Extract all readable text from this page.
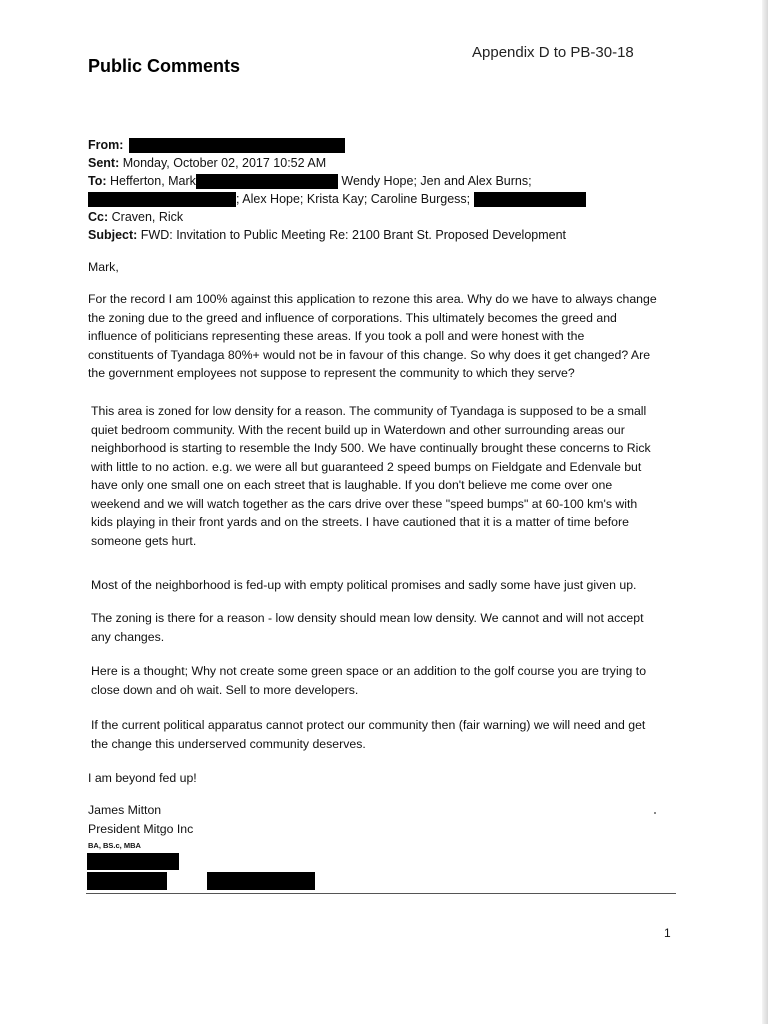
Appendix D to PB-30-18
Public Comments
From:
Sent: Monday, October 02, 2017 10:52 AM
To: Hefferton, Mark	Wendy Hope; Jen and Alex Burns;
; Alex Hope; Krista Kay; Caroline Burgess;
Cc: Craven, Rick
Subject: FWD: Invitation to Public Meeting Re: 2100 Brant St. Proposed Development

Mark,

For the record I am 100% against this application to rezone this area. Why do we have to always change

the zoning due to the greed and influence of corporations. This ultimately becomes the greed and

influence of politicians representing these areas. If you took a poll and were honest with the

constituents of Tyandaga 80%+ would not be in favour of this change. So why does it get changed? Are

the government employees not suppose to represent the community to which they serve?

This area is zoned for low density for a reason. The community of Tyandaga is supposed to be a small

quiet bedroom community. With the recent build up in Waterdown and other surrounding areas our

neighborhood is starting to resemble the Indy 500. We have continually brought these concerns to Rick

with little to no action. e.g. we were all but guaranteed 2 speed bumps on Fieldgate and Edenvale but

have only one small one on each street that is laughable. If you don't believe me come over one

weekend and we will watch together as the cars drive over these "speed bumps" at 60-100 km's with

kids playing in their front yards and on the streets. I have cautioned that it is a matter of time before

someone gets hurt.

Most of the neighborhood is fed-up with empty political promises and sadly some have just given up.

The zoning is there for a reason - low density should mean low density. We cannot and will not accept

any changes.

Here is a thought; Why not create some green space or an addition to the golf course you are trying to

close down and oh wait. Sell to more developers.

If the current political apparatus cannot protect our community then (fair warning) we will need and get

the change this underserved community deserves.

I am beyond fed up!

James Mitton
President Mitgo Inc
BA, BS.c, MBA
1
